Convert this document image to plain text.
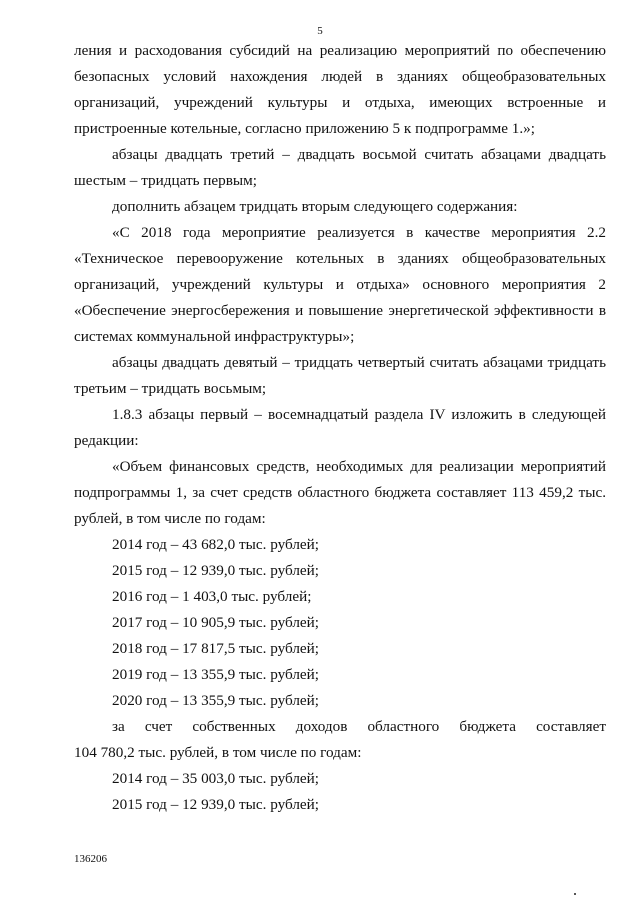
5

ления и расходования субсидий на реализацию мероприятий по обеспечению безопасных условий нахождения людей в зданиях общеобразовательных организаций, учреждений культуры и отдыха, имеющих встроенные и пристроенные котельные, согласно приложению 5 к подпрограмме 1.»;

абзацы двадцать третий – двадцать восьмой считать абзацами двадцать шестым – тридцать первым;

дополнить абзацем тридцать вторым следующего содержания:

«С 2018 года мероприятие реализуется в качестве мероприятия 2.2 «Техническое перевооружение котельных в зданиях общеобразовательных организаций, учреждений культуры и отдыха» основного мероприятия 2 «Обеспечение энергосбережения и повышение энергетической эффективности в системах коммунальной инфраструктуры»;

абзацы двадцать девятый – тридцать четвертый считать абзацами тридцать третьим – тридцать восьмым;

1.8.3 абзацы первый – восемнадцатый раздела IV изложить в следующей редакции:

«Объем финансовых средств, необходимых для реализации мероприятий подпрограммы 1, за счет средств областного бюджета составляет 113 459,2 тыс. рублей, в том числе по годам:

2014 год – 43 682,0 тыс. рублей;

2015 год – 12 939,0 тыс. рублей;

2016 год – 1 403,0 тыс. рублей;

2017 год – 10 905,9 тыс. рублей;

2018 год – 17 817,5 тыс. рублей;

2019 год – 13 355,9 тыс. рублей;

2020 год – 13 355,9 тыс. рублей;

за счет собственных доходов областного бюджета составляет

104 780,2 тыс. рублей, в том числе по годам:

2014 год – 35 003,0 тыс. рублей;

2015 год – 12 939,0 тыс. рублей;

136206
